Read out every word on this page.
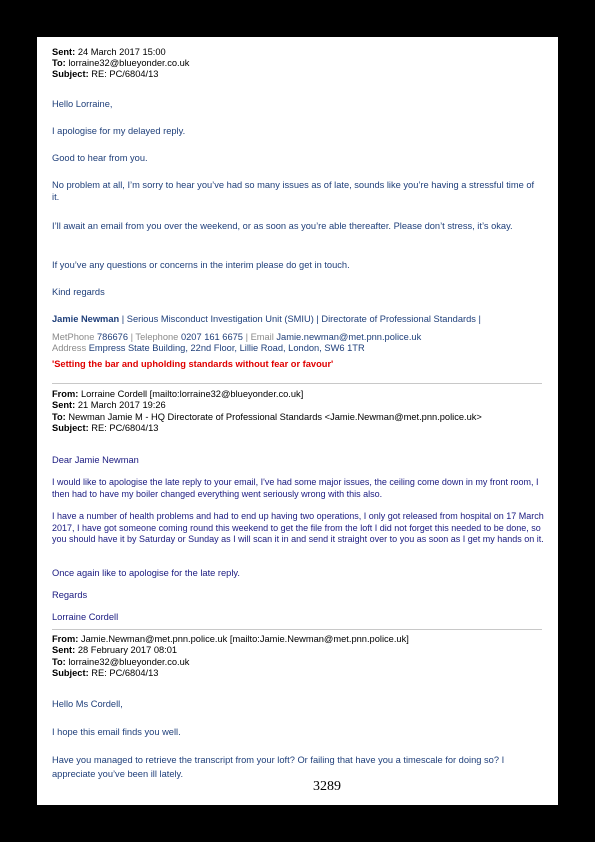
Sent: 24 March 2017 15:00
To: lorraine32@blueyonder.co.uk
Subject: RE: PC/6804/13
Hello Lorraine,
I apologise for my delayed reply.
Good to hear from you.
No problem at all, I’m sorry to hear you’ve had so many issues as of late, sounds like you’re having a stressful time of it.
I’ll await an email from you over the weekend, or as soon as you’re able thereafter. Please don’t stress, it’s okay.
If you’ve any questions or concerns in the interim please do get in touch.
Kind regards
Jamie Newman | Serious Misconduct Investigation Unit (SMIU) | Directorate of Professional Standards |
MetPhone 786676 | Telephone 0207 161 6675 | Email Jamie.newman@met.pnn.police.uk
Address Empress State Building, 22nd Floor, Lillie Road, London, SW6 1TR
'Setting the bar and upholding standards without fear or favour'
From: Lorraine Cordell [mailto:lorraine32@blueyonder.co.uk]
Sent: 21 March 2017 19:26
To: Newman Jamie M - HQ Directorate of Professional Standards <Jamie.Newman@met.pnn.police.uk>
Subject: RE: PC/6804/13
Dear Jamie Newman
I would like to apologise the late reply to your email, I've had some major issues, the ceiling come down in my front room, I then had to have my boiler changed everything went seriously wrong with this also.
I have a number of health problems and had to end up having two operations, I only got released from hospital on 17 March 2017, I have got someone coming round this weekend to get the file from the loft I did not forget this needed to be done, so you should have it by Saturday or Sunday as I will scan it in and send it straight over to you as soon as I get my hands on it.
Once again like to apologise for the late reply.
Regards
Lorraine Cordell
From: Jamie.Newman@met.pnn.police.uk [mailto:Jamie.Newman@met.pnn.police.uk]
Sent: 28 February 2017 08:01
To: lorraine32@blueyonder.co.uk
Subject: RE: PC/6804/13
Hello Ms Cordell,
I hope this email finds you well.
Have you managed to retrieve the transcript from your loft? Or failing that have you a timescale for doing so? I appreciate you’ve been ill lately.
3289
